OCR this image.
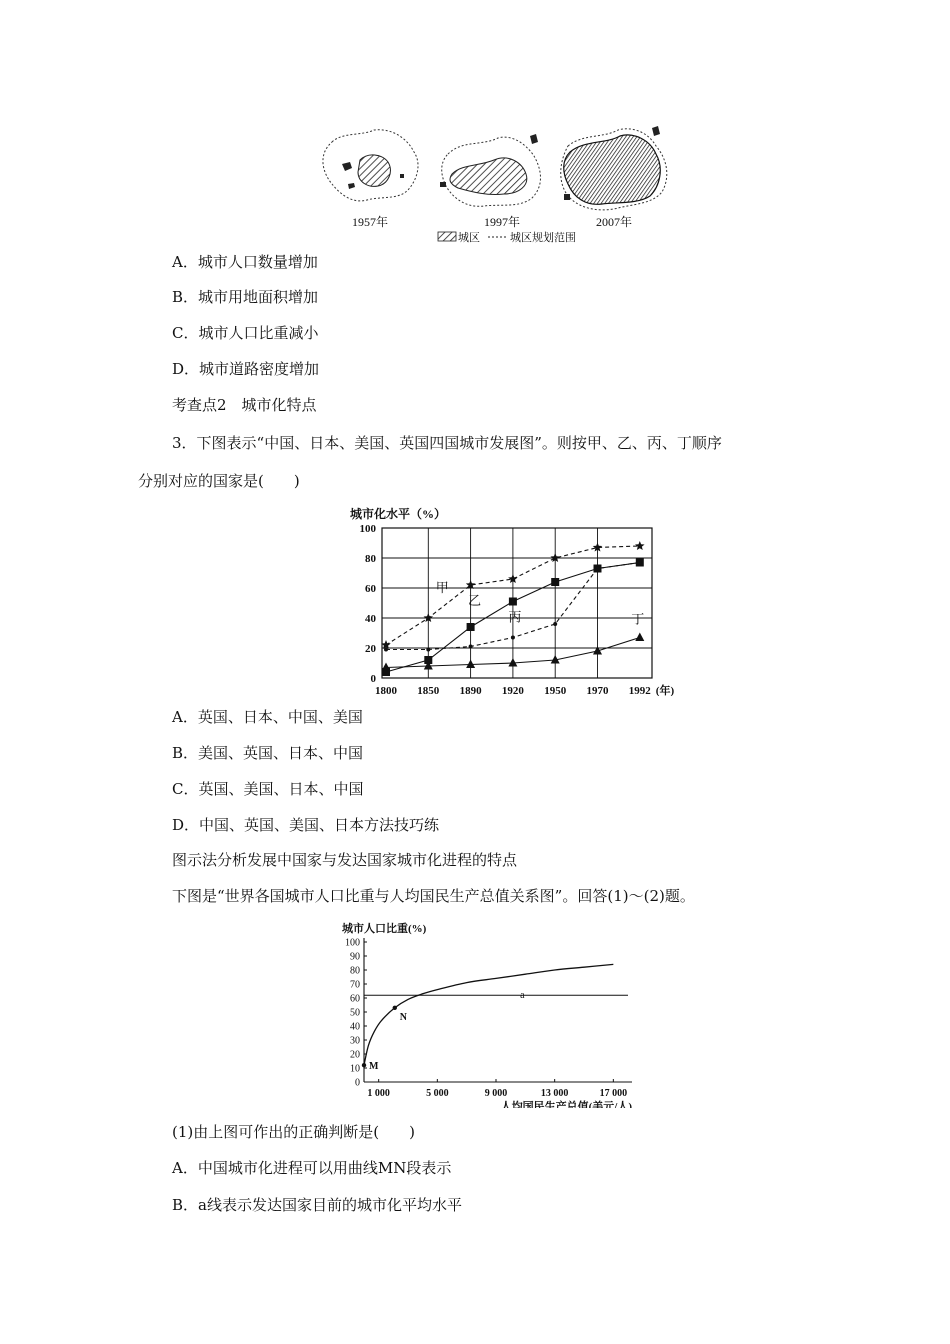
1957年	1997年	2007年
城区	城区规划范围
A．城市人口数量增加
B．城市用地面积增加
C．城市人口比重减小
D．城市道路密度增加
考查点2　城市化特点
3．下图表示“中国、日本、美国、英国四国城市发展图”。则按甲、乙、丙、丁顺序
分别对应的国家是(　　)
城市化水平（%）
0
20
40
60
80
100
1800 1850 1890 1920 1950 1970 1992 (年)
甲
乙
丙	丁
A．英国、日本、中国、美国
B．美国、英国、日本、中国
C．英国、美国、日本、中国
D．中国、英国、美国、日本方法技巧练
图示法分析发展中国家与发达国家城市化进程的特点
下图是“世界各国城市人口比重与人均国民生产总值关系图”。回答(1)～(2)题。
城市人口比重(%)
0
10
20
30
40
50
60
70
80
90
100
1 000	5 000	9 000	13 000	17 000
人均国民生产总值(美元/人)
a
M
N
(1)由上图可作出的正确判断是(　　)
A．中国城市化进程可以用曲线MN段表示
B．a线表示发达国家目前的城市化平均水平
